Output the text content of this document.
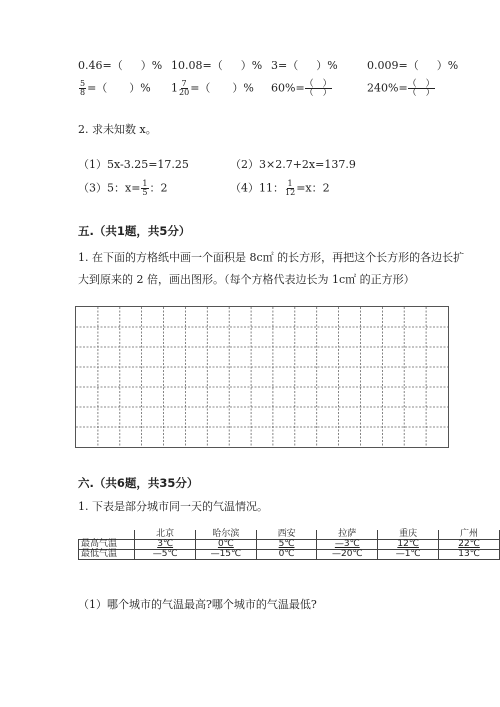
0.46=（ ）% 10.08=（ ）% 3=（ ）%	0.009=（ ）%
$\frac{5}{8}$ =（　　）% $1 \frac{7}{20}$ =（　　）% 60%= （　）
（　）	240%= （　）
（　）
2. 求未知数 x。
（1）5x-3.25=17.25	（2）3×2.7+2x=137.9
（3）5：$x= \frac{1}{5}$ ：2	（4）11： $\frac{1}{12} =x$：2
五.（共1题，共5分）
1. 在下面的方格纸中画一个面积是 8c㎡ 的长方形，再把这个长方形的各边长扩
大到原来的 2 倍，画出图形。（每个方格代表边长为 1c㎡ 的正方形）
六.（共6题，共35分）
1. 下表是部分城市同一天的气温情况。
	北京	哈尔滨	西安	拉萨	重庆	广州
最高气温	3℃	0℃	5℃	—3℃	12℃	22℃
最低气温	—5℃	—15℃	0℃	—20℃	—1℃	13℃
（1）哪个城市的气温最高?哪个城市的气温最低?
